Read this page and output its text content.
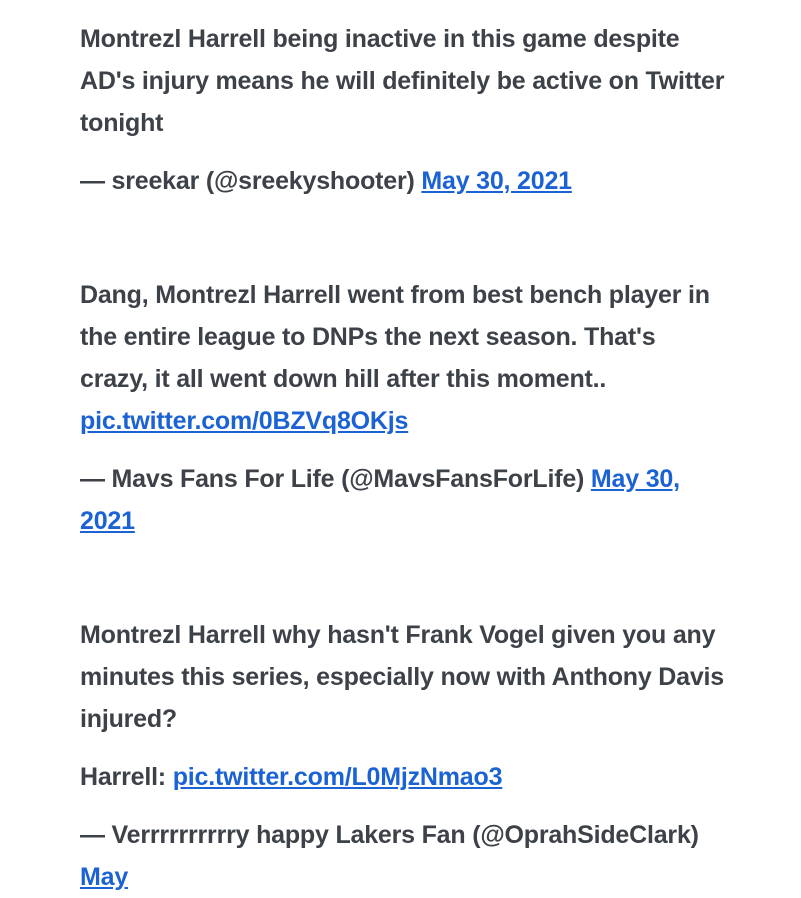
Montrezl Harrell being inactive in this game despite AD's injury means he will definitely be active on Twitter tonight

— sreekar (@sreekyshooter) May 30, 2021

Dang, Montrezl Harrell went from best bench player in the entire league to DNPs the next season. That's crazy, it all went down hill after this moment.. pic.twitter.com/0BZVq8OKjs

— Mavs Fans For Life (@MavsFansForLife) May 30, 2021

Montrezl Harrell why hasn't Frank Vogel given you any minutes this series, especially now with Anthony Davis injured?

Harrell: pic.twitter.com/L0MjzNmao3

— Verrrrrrrrrry happy Lakers Fan (@OprahSideClark) May
